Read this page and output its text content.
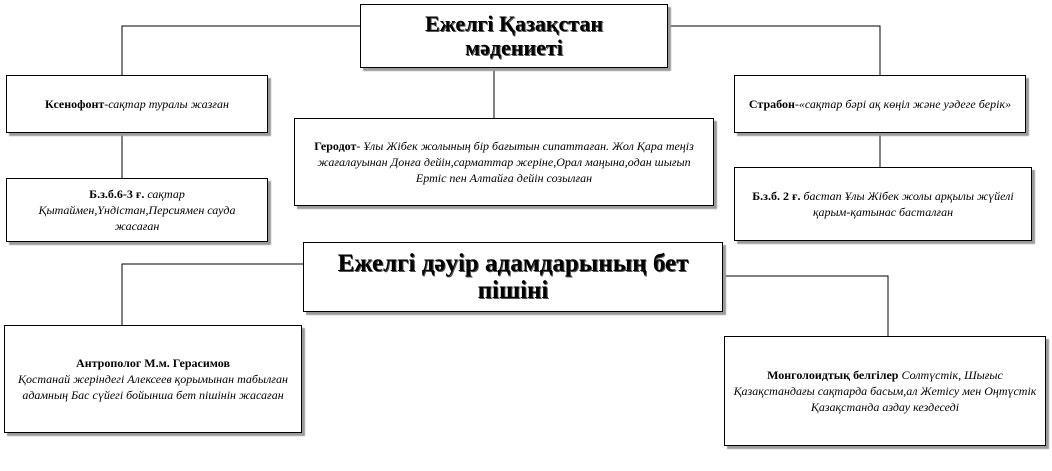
Ежелгі Қазақстан
мәдениеті
Ксенофонт-сақтар туралы жазған	Страбон-«сақтар бәрі ақ көңіл және уәдеге берік»
Геродот- Ұлы Жібек жолының бір бағытын сипаттаған. Жол Қара теңіз жағалауынан Донға дейін,сарматтар жеріне,Орал маңына,одан шығып Ертіс пен Алтайға дейін созылған
Б.з.б.6-3 ғ. сақтар Қытаймен,Үндістан,Персиямен сауда жасаған
Б.з.б. 2 ғ. бастап Ұлы Жібек жолы арқылы жүйелі қарым-қатынас басталған
Ежелгі дәуір адамдарының бет
пішіні
Антрополог М.м. Герасимов
Қостанай жеріндегі Алексеев қорымынан табылған адамның Бас сүйегі бойынша бет пішінін жасаған
Монголоидтық белгілер Солтүстік, Шығыс Қазақстандағы сақтарда басым,ал Жетісу мен Оңтүстік Қазақстанда аздау кездеседі
